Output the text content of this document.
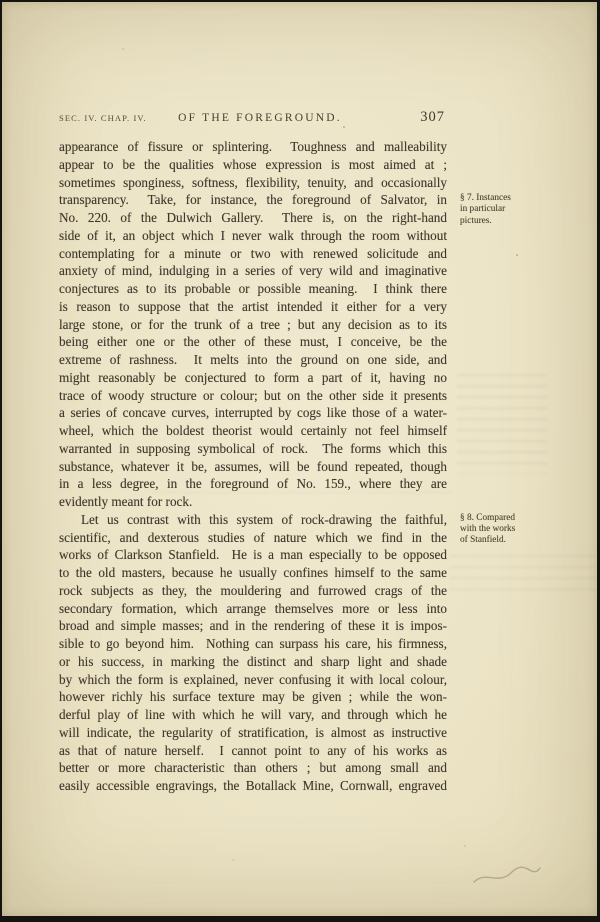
SEC. IV. CHAP. IV.	OF THE FOREGROUND.	307
appearance of fissure or splintering.  Toughness and malleability
appear to be the qualities whose expression is most aimed at ;
sometimes sponginess, softness, flexibility, tenuity, and occasionally
transparency.  Take, for instance, the foreground of Salvator, in
No. 220. of the Dulwich Gallery.  There is, on the right-hand
side of it, an object which I never walk through the room without
contemplating for a minute or two with renewed solicitude and
anxiety of mind, indulging in a series of very wild and imaginative
conjectures as to its probable or possible meaning.  I think there
is reason to suppose that the artist intended it either for a very
large stone, or for the trunk of a tree ; but any decision as to its
being either one or the other of these must, I conceive, be the
extreme of rashness.  It melts into the ground on one side, and
might reasonably be conjectured to form a part of it, having no
trace of woody structure or colour; but on the other side it presents
a series of concave curves, interrupted by cogs like those of a water-
wheel, which the boldest theorist would certainly not feel himself
warranted in supposing symbolical of rock.  The forms which this
substance, whatever it be, assumes, will be found repeated, though
in a less degree, in the foreground of No. 159., where they are
evidently meant for rock.
Let us contrast with this system of rock-drawing the faithful,
scientific, and dexterous studies of nature which we find in the
works of Clarkson Stanfield.  He is a man especially to be opposed
to the old masters, because he usually confines himself to the same
rock subjects as they, the mouldering and furrowed crags of the
secondary formation, which arrange themselves more or less into
broad and simple masses; and in the rendering of these it is impos-
sible to go beyond him.  Nothing can surpass his care, his firmness,
or his success, in marking the distinct and sharp light and shade
by which the form is explained, never confusing it with local colour,
however richly his surface texture may be given ; while the won-
derful play of line with which he will vary, and through which he
will indicate, the regularity of stratification, is almost as instructive
as that of nature herself.  I cannot point to any of his works as
better or more characteristic than others ; but among small and
easily accessible engravings, the Botallack Mine, Cornwall, engraved
§ 7. Instances
in particular
pictures.
§ 8. Compared
with the works
of Stanfield.
